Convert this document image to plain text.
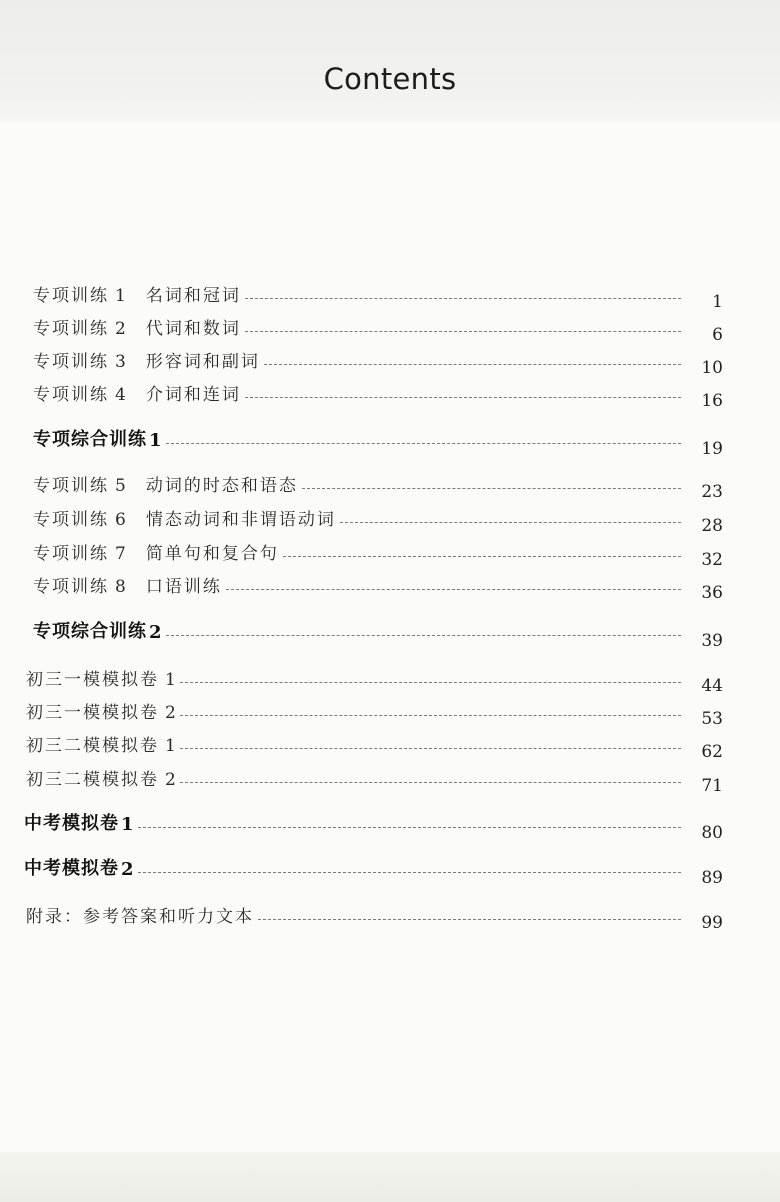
Contents
专项训练 1 名词和冠词	1
专项训练 2 代词和数词	6
专项训练 3 形容词和副词	10
专项训练 4 介词和连词	16
专项综合训练 1	19
专项训练 5 动词的时态和语态	23
专项训练 6 情态动词和非谓语动词	28
专项训练 7 简单句和复合句	32
专项训练 8 口语训练	36
专项综合训练 2	39
初三一模模拟卷 1	44
初三一模模拟卷 2	53
初三二模模拟卷 1	62
初三二模模拟卷 2	71
中考模拟卷 1	80
中考模拟卷 2	89
附录：参考答案和听力文本	99
